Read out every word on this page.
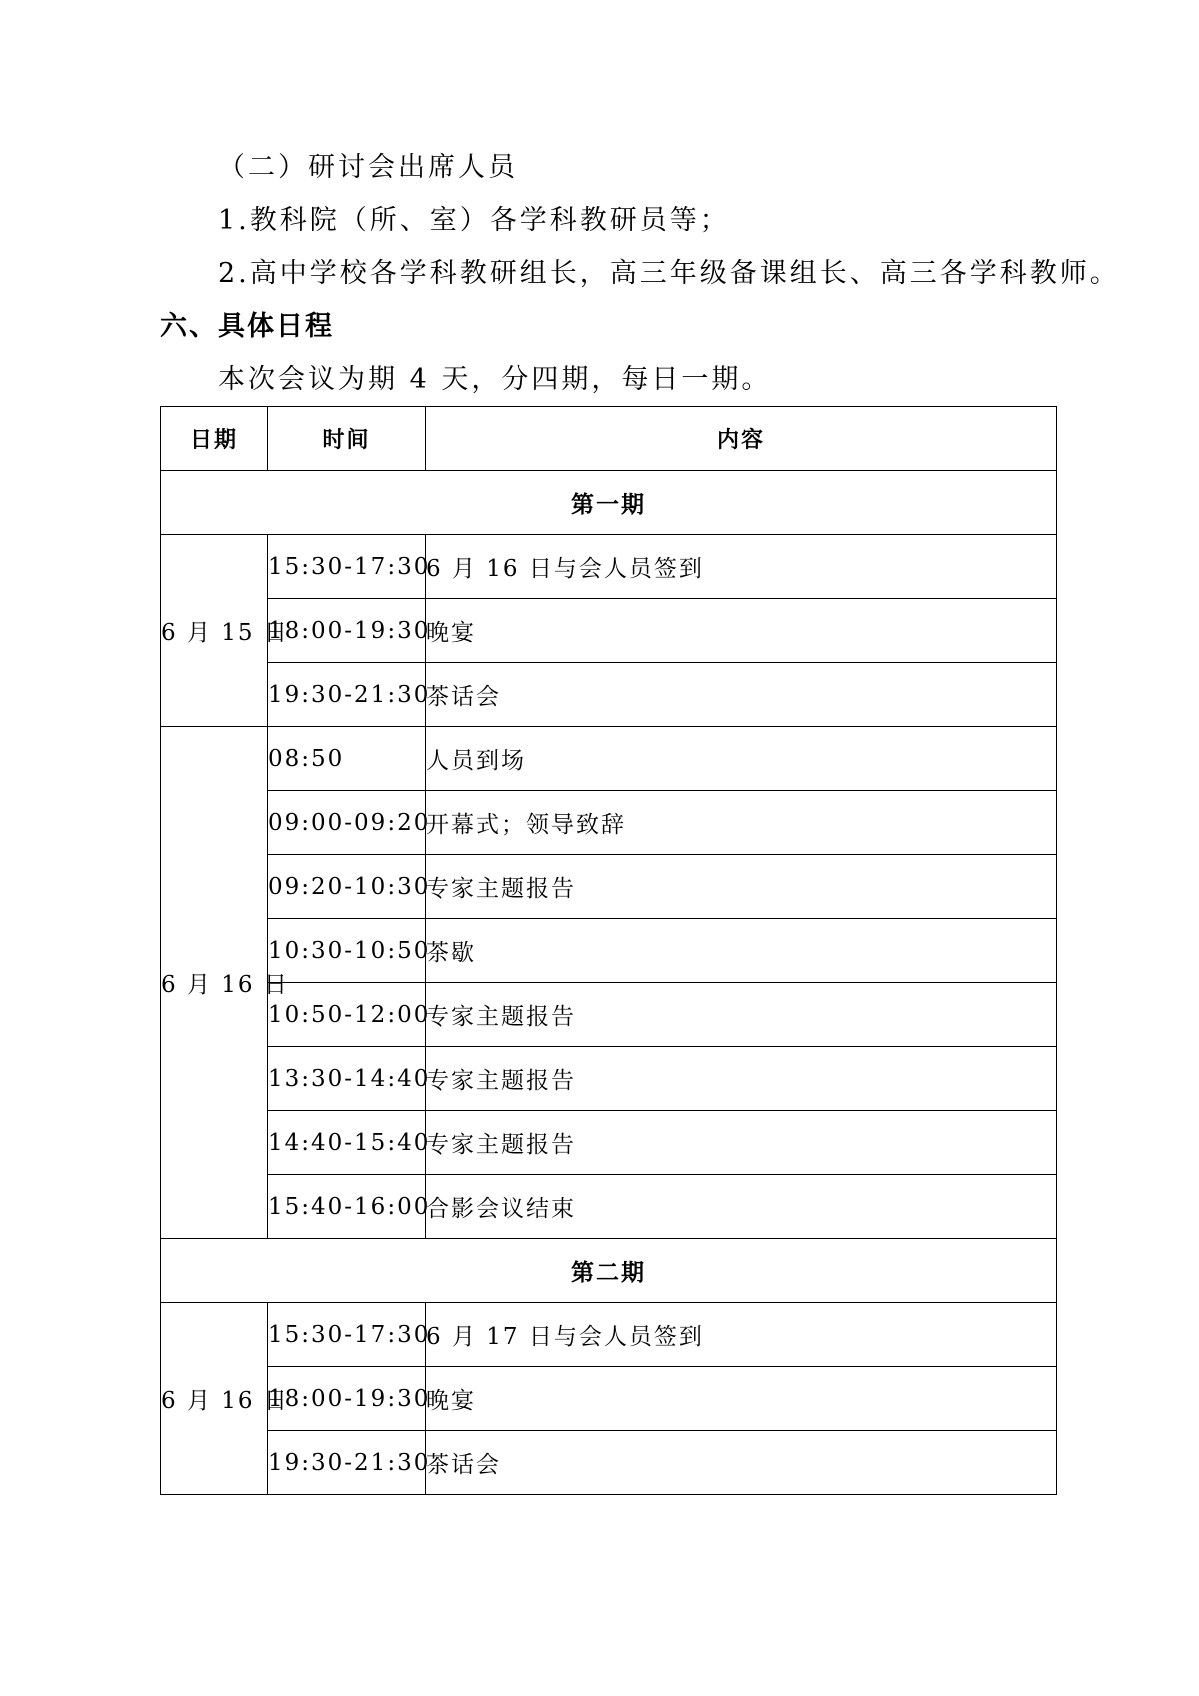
（二）研讨会出席人员
1.教科院（所、室）各学科教研员等；
2.高中学校各学科教研组长，高三年级备课组长、高三各学科教师。
六、具体日程
本次会议为期 4 天，分四期，每日一期。
日期	时间	内容
第一期		
6 月 15 日	15:30-17:30	6 月 16 日与会人员签到
	18:00-19:30	晚宴
	19:30-21:30	茶话会
6 月 16 日	08:50	人员到场
	09:00-09:20	开幕式；领导致辞
	09:20-10:30	专家主题报告
	10:30-10:50	茶歇
	10:50-12:00	专家主题报告
	13:30-14:40	专家主题报告
	14:40-15:40	专家主题报告
	15:40-16:00	合影会议结束
第二期		
6 月 16 日	15:30-17:30	6 月 17 日与会人员签到
	18:00-19:30	晚宴
	19:30-21:30	茶话会
